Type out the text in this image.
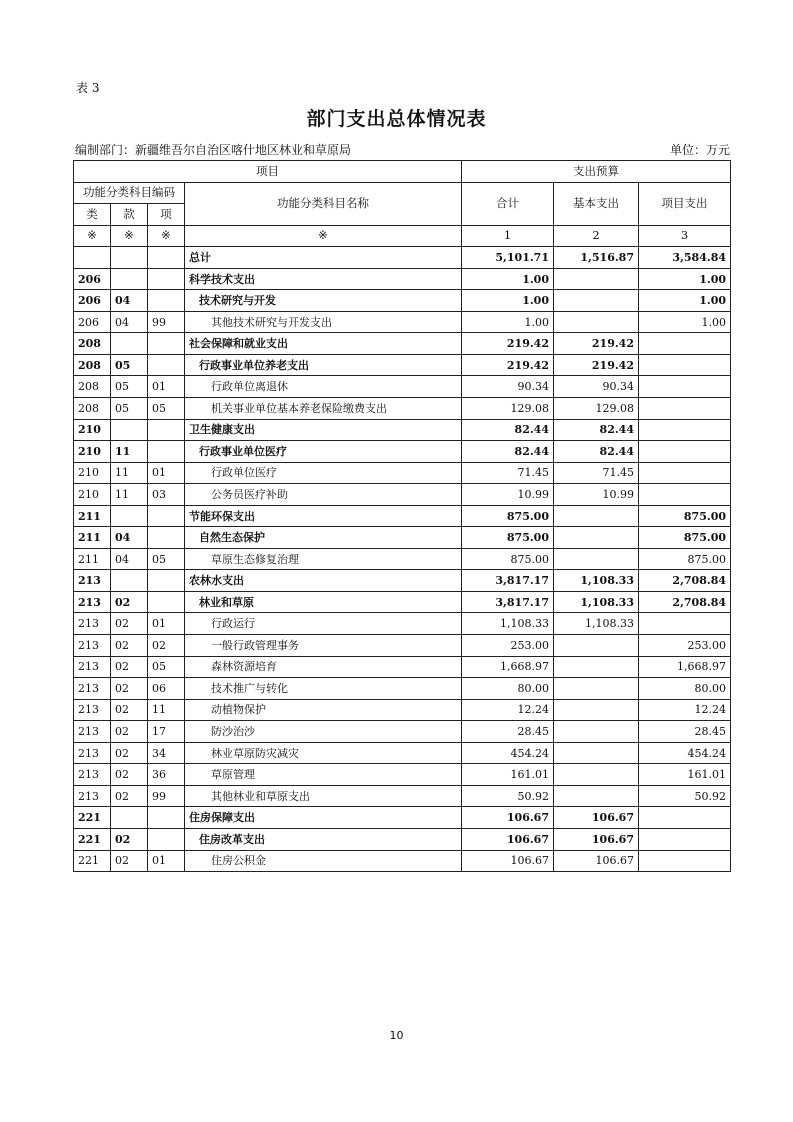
表 3
部门支出总体情况表
编制部门：新疆维吾尔自治区喀什地区林业和草原局	单位：万元
项目				支出预算		
功能分类科目编码			功能分类科目名称	合计	基本支出	项目支出
类	款	项				
※	※	※	※	1	2	3
			总计	5,101.71	1,516.87	3,584.84
206			科学技术支出	1.00		1.00
206	04		技术研究与开发	1.00		1.00
206	04	99	其他技术研究与开发支出	1.00		1.00
208			社会保障和就业支出	219.42	219.42	
208	05		行政事业单位养老支出	219.42	219.42	
208	05	01	行政单位离退休	90.34	90.34	
208	05	05	机关事业单位基本养老保险缴费支出	129.08	129.08	
210			卫生健康支出	82.44	82.44	
210	11		行政事业单位医疗	82.44	82.44	
210	11	01	行政单位医疗	71.45	71.45	
210	11	03	公务员医疗补助	10.99	10.99	
211			节能环保支出	875.00		875.00
211	04		自然生态保护	875.00		875.00
211	04	05	草原生态修复治理	875.00		875.00
213			农林水支出	3,817.17	1,108.33	2,708.84
213	02		林业和草原	3,817.17	1,108.33	2,708.84
213	02	01	行政运行	1,108.33	1,108.33	
213	02	02	一般行政管理事务	253.00		253.00
213	02	05	森林资源培育	1,668.97		1,668.97
213	02	06	技术推广与转化	80.00		80.00
213	02	11	动植物保护	12.24		12.24
213	02	17	防沙治沙	28.45		28.45
213	02	34	林业草原防灾减灾	454.24		454.24
213	02	36	草原管理	161.01		161.01
213	02	99	其他林业和草原支出	50.92		50.92
221			住房保障支出	106.67	106.67	
221	02		住房改革支出	106.67	106.67	
221	02	01	住房公积金	106.67	106.67	
10
